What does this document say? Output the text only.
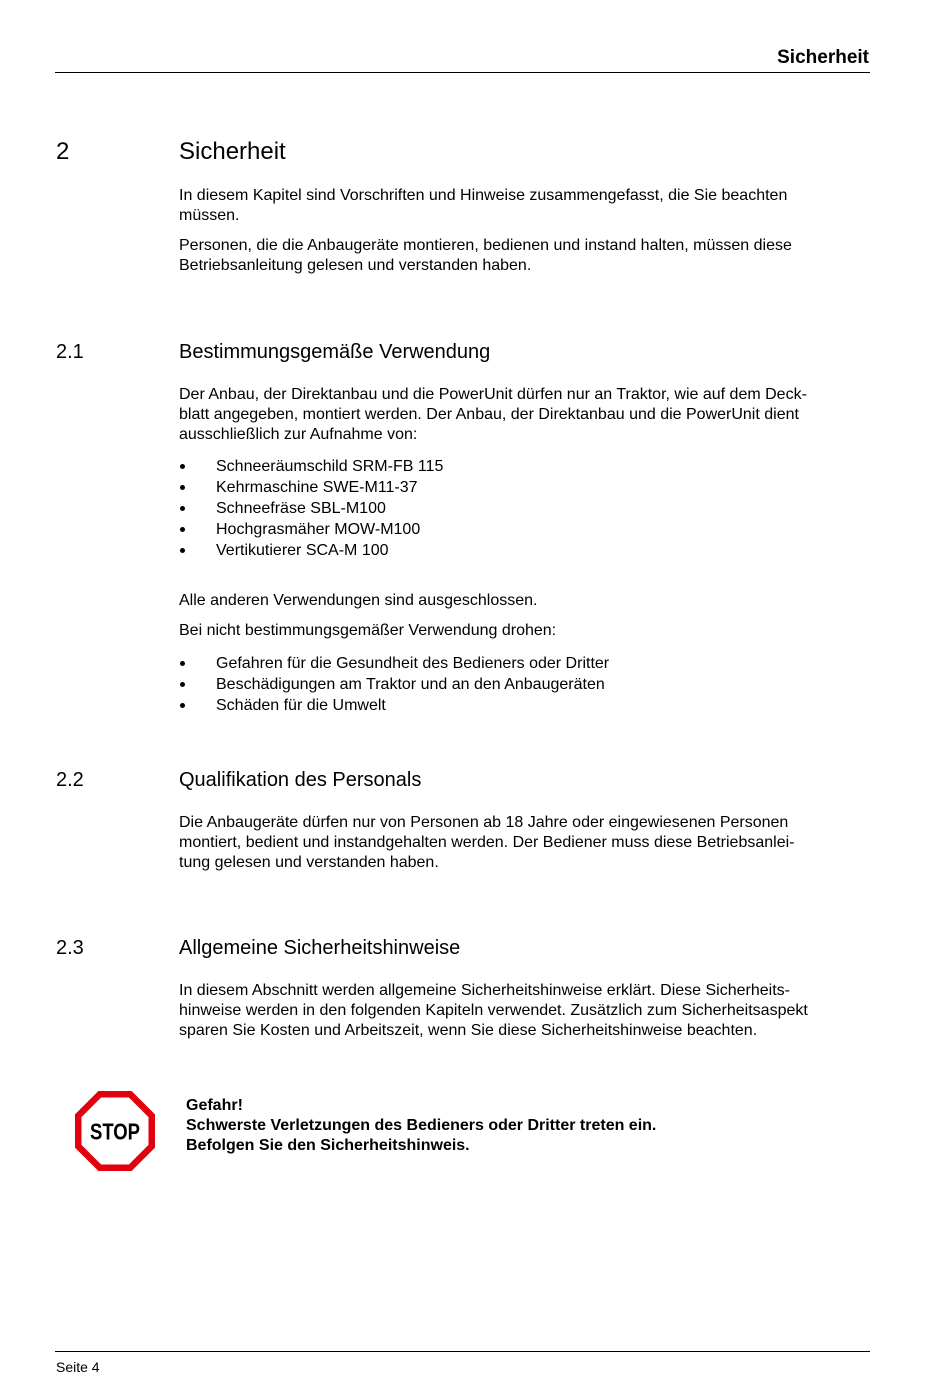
Sicherheit
2	Sicherheit
In diesem Kapitel sind Vorschriften und Hinweise zusammengefasst, die Sie beachten
müssen.
Personen, die die Anbaugeräte montieren, bedienen und instand halten, müssen diese
Betriebsanleitung gelesen und verstanden haben.
2.1	Bestimmungsgemäße Verwendung
Der Anbau, der Direktanbau und die PowerUnit dürfen nur an Traktor, wie auf dem Deck-
blatt angegeben, montiert werden. Der Anbau, der Direktanbau und die PowerUnit dient
ausschließlich zur Aufnahme von:
Schneeräumschild SRM-FB 115
Kehrmaschine SWE-M11-37
Schneefräse SBL-M100
Hochgrasmäher MOW-M100
Vertikutierer SCA-M 100
Alle anderen Verwendungen sind ausgeschlossen.
Bei nicht bestimmungsgemäßer Verwendung drohen:
Gefahren für die Gesundheit des Bedieners oder Dritter
Beschädigungen am Traktor und an den Anbaugeräten
Schäden für die Umwelt
2.2	Qualifikation des Personals
Die Anbaugeräte dürfen nur von Personen ab 18 Jahre oder eingewiesenen Personen
montiert, bedient und instandgehalten werden. Der Bediener muss diese Betriebsanlei-
tung gelesen und verstanden haben.
2.3	Allgemeine Sicherheitshinweise
In diesem Abschnitt werden allgemeine Sicherheitshinweise erklärt. Diese Sicherheits-
hinweise werden in den folgenden Kapiteln verwendet. Zusätzlich zum Sicherheitsaspekt
sparen Sie Kosten und Arbeitszeit, wenn Sie diese Sicherheitshinweise beachten.
STOP
Gefahr!
Schwerste Verletzungen des Bedieners oder Dritter treten ein.
Befolgen Sie den Sicherheitshinweis.
Seite 4
